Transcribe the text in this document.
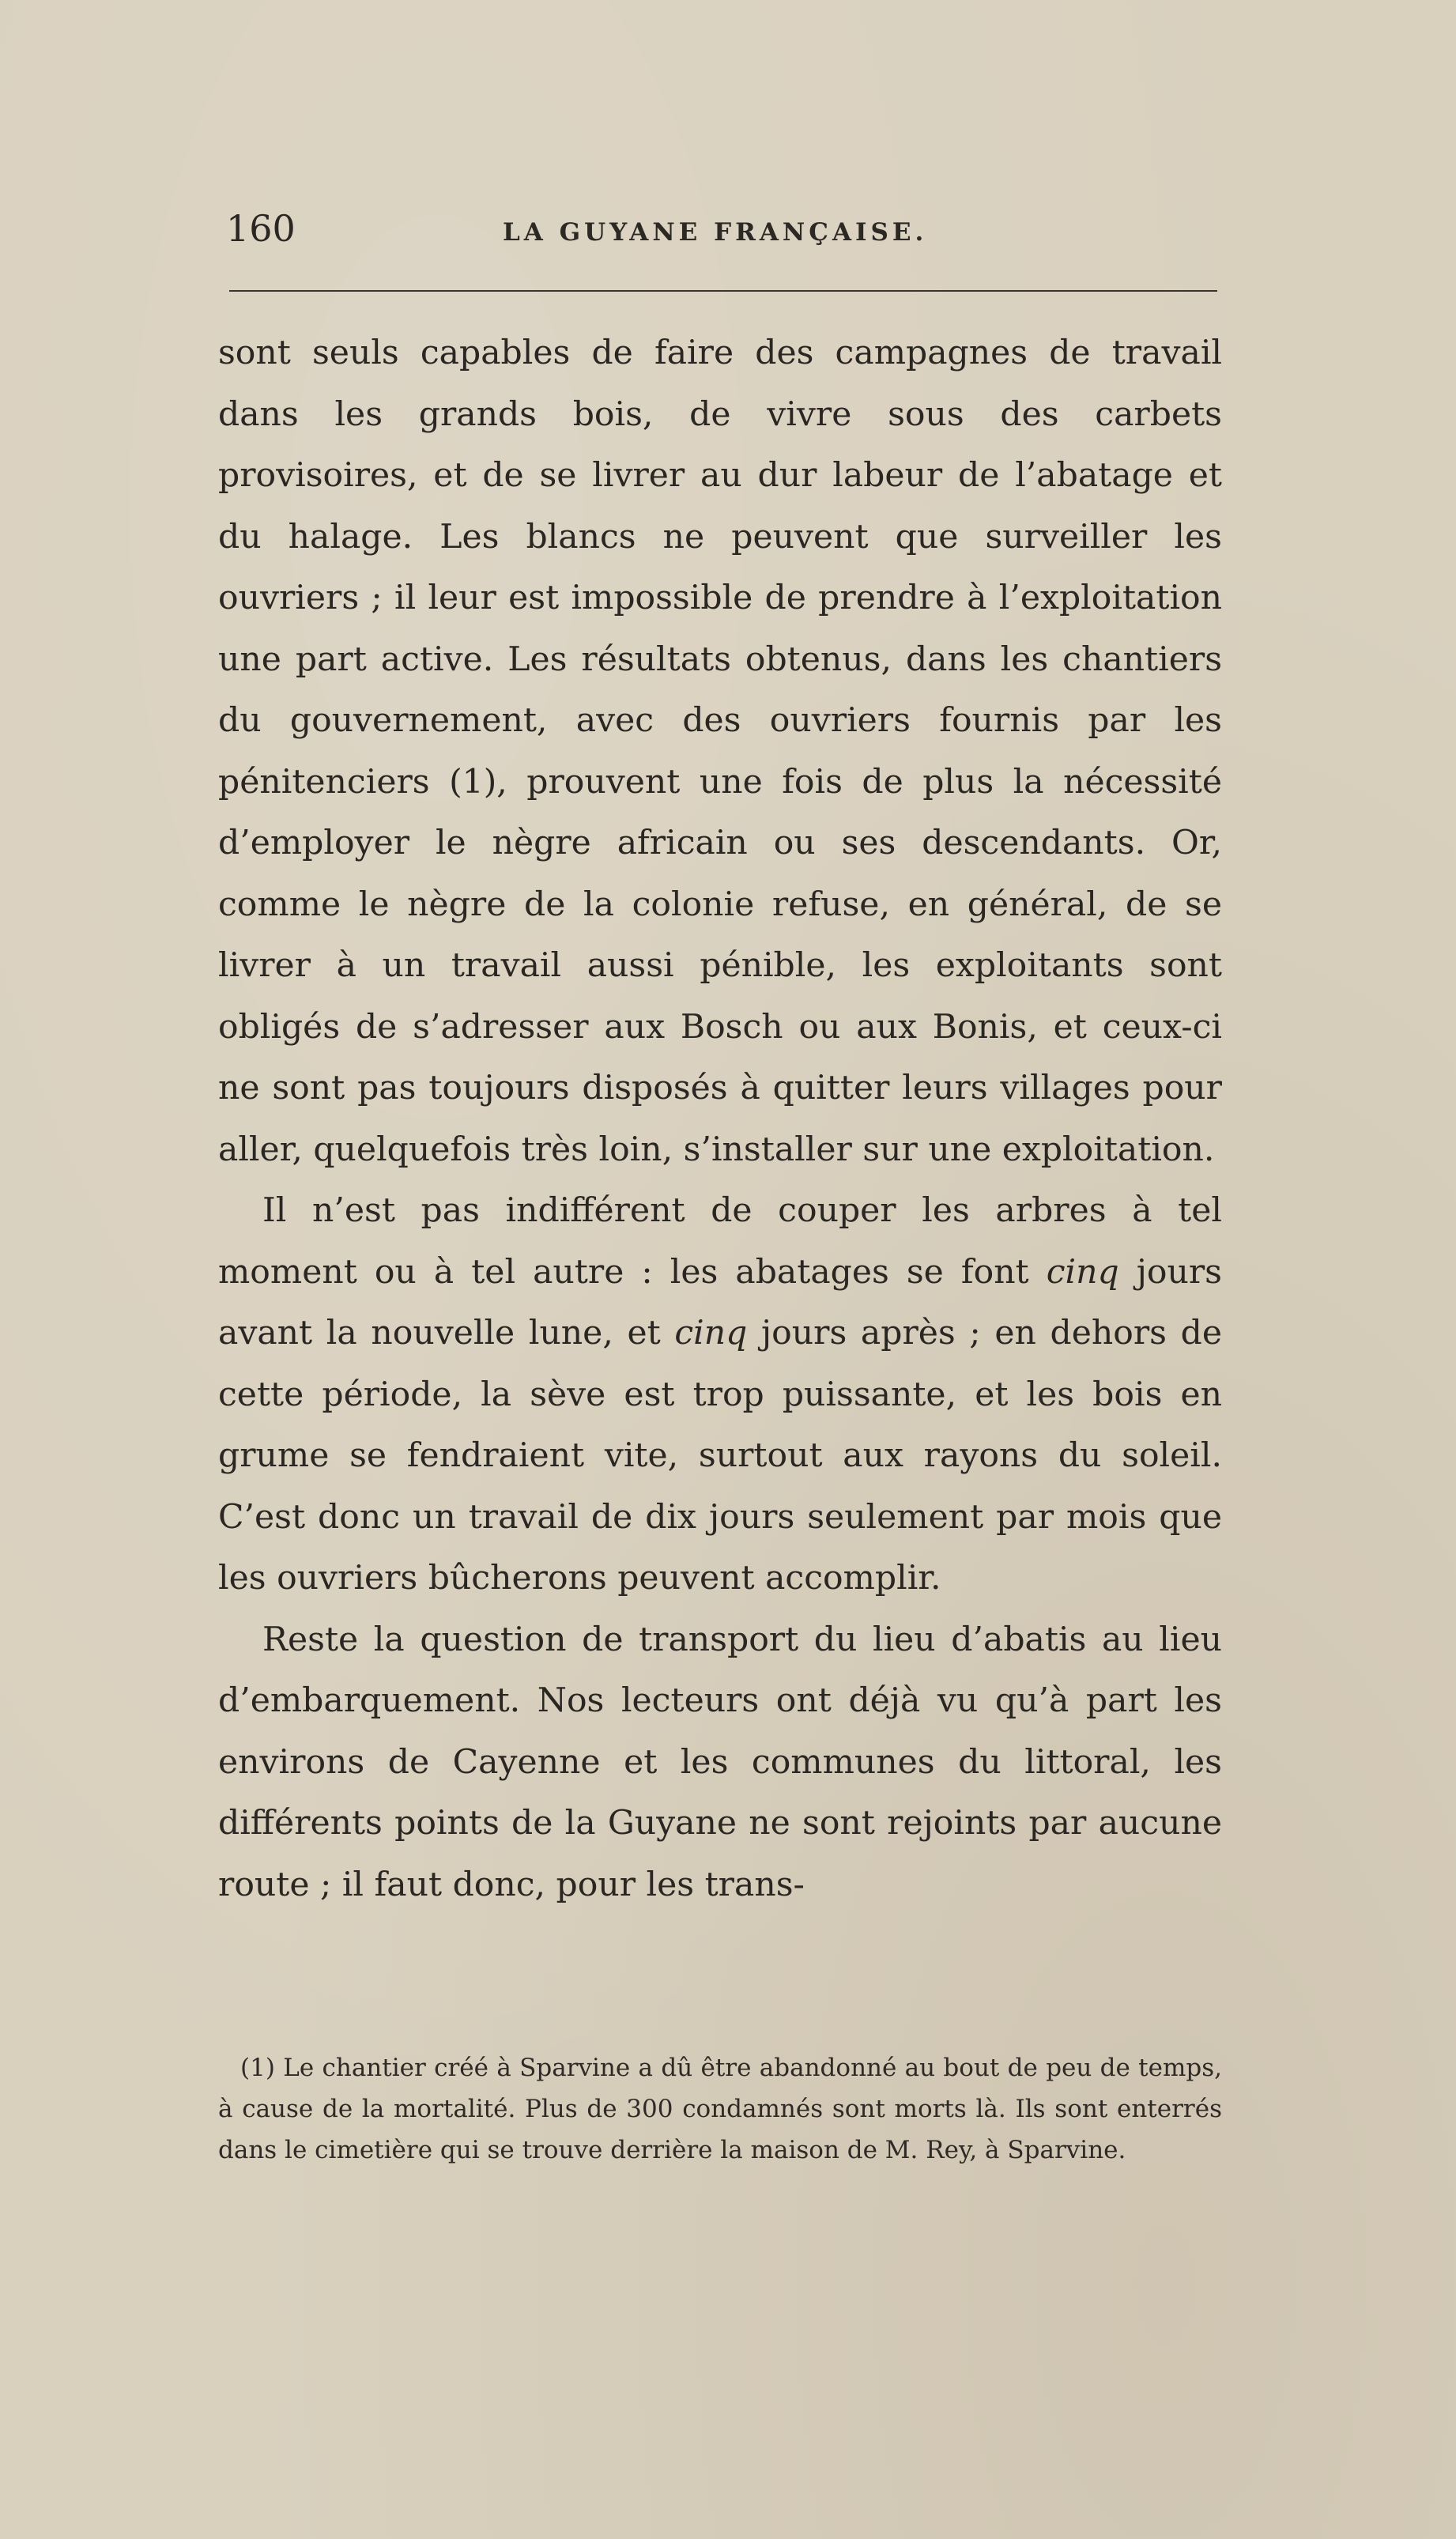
160	LA GUYANE FRANÇAISE.

sont seuls capables de faire des campagnes de travail dans les grands bois, de vivre sous des carbets provisoires, et de se livrer au dur labeur de l’abatage et du halage. Les blancs ne peuvent que surveiller les ouvriers ; il leur est impossible de prendre à l’exploitation une part active. Les résultats obtenus, dans les chantiers du gouvernement, avec des ouvriers fournis par les pénitenciers (1), prouvent une fois de plus la nécessité d’employer le nègre africain ou ses descendants. Or, comme le nègre de la colonie refuse, en général, de se livrer à un travail aussi pénible, les exploitants sont obligés de s’adresser aux Bosch ou aux Bonis, et ceux-ci ne sont pas toujours disposés à quitter leurs villages pour aller, quelquefois très loin, s’installer sur une exploitation.

Il n’est pas indifférent de couper les arbres à tel moment ou à tel autre : les abatages se font cinq jours avant la nouvelle lune, et cinq jours après ; en dehors de cette période, la sève est trop puissante, et les bois en grume se fendraient vite, surtout aux rayons du soleil. C’est donc un travail de dix jours seulement par mois que les ouvriers bûcherons peuvent accomplir.

Reste la question de transport du lieu d’abatis au lieu d’embarquement. Nos lecteurs ont déjà vu qu’à part les environs de Cayenne et les communes du littoral, les différents points de la Guyane ne sont rejoints par aucune route ; il faut donc, pour les trans-

(1) Le chantier créé à Sparvine a dû être abandonné au bout de peu de temps, à cause de la mortalité. Plus de 300 condamnés sont morts là. Ils sont enterrés dans le cimetière qui se trouve derrière la maison de M. Rey, à Sparvine.
